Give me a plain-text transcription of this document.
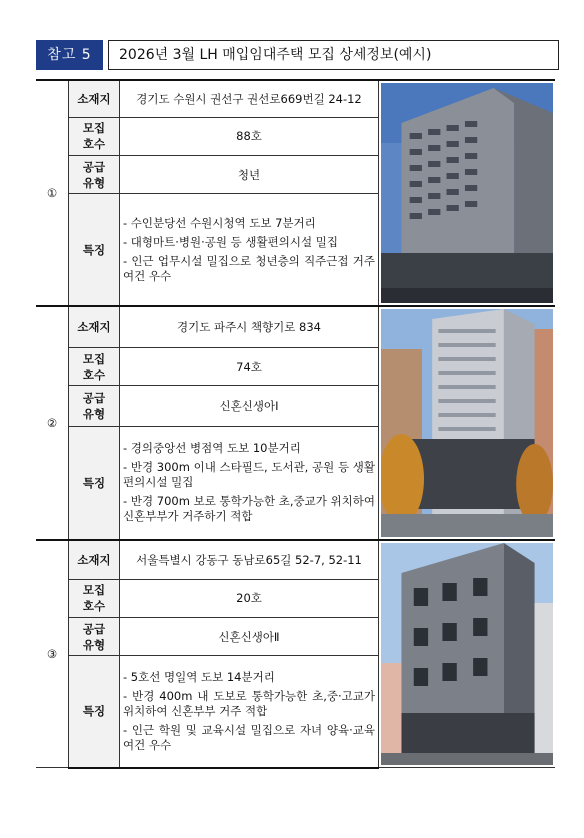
참고 5	2026년 3월 LH 매입임대주택 모집 상세정보(예시)
①	소재지	경기도 수원시 권선구 권선로669번길 24-12	

	모집
호수	88호	
	공급
유형	청년	
	특징	- 수인분당선 수원시청역 도보 7분거리
- 대형마트·병원·공원 등 생활편의시설 밀집
- 인근 업무시설 밀집으로 청년층의 직주근접 거주 여건 우수	

②	소재지	경기도 파주시 책향기로 834	

	모집
호수	74호	
	공급
유형	신혼신생아Ⅰ	
	특징	- 경의중앙선 병점역 도보 10분거리
- 반경 300m 이내 스타필드, 도서관, 공원 등 생활편의시설 밀집
- 반경 700m 보로 통학가능한 초,중교가 위치하여 신혼부부가 거주하기 적합	

③	소재지	서울특별시 강동구 동남로65길 52-7, 52-11	

	모집
호수	20호	
	공급
유형	신혼신생아Ⅱ	
	특징	- 5호선 명일역 도보 14분거리
- 반경 400m 내 도보로 통학가능한 초,중·고교가 위치하여 신혼부부 거주 적합
- 인근 학원 및 교육시설 밀집으로 자녀 양육·교육 여건 우수	
